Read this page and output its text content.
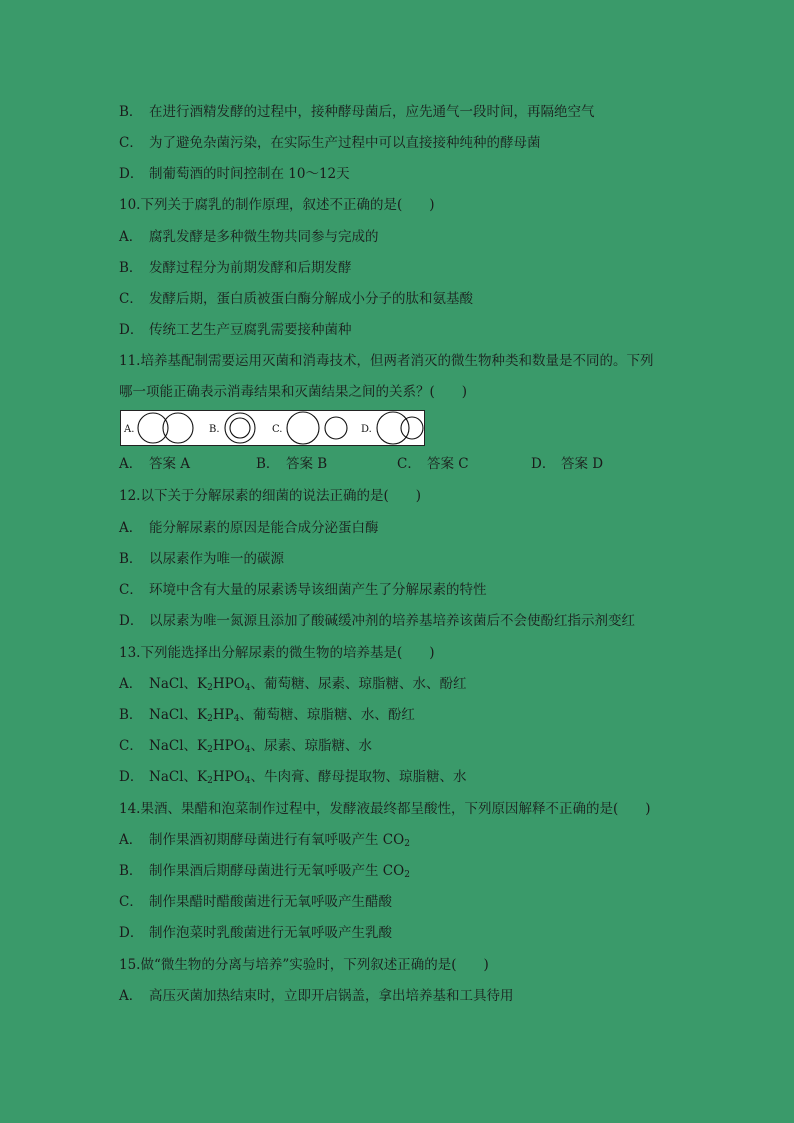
B． 在进行酒精发酵的过程中，接种酵母菌后，应先通气一段时间，再隔绝空气
C． 为了避免杂菌污染，在实际生产过程中可以直接接种纯种的酵母菌
D． 制葡萄酒的时间控制在 10～12天
10.下列关于腐乳的制作原理，叙述不正确的是(　　)
A． 腐乳发酵是多种微生物共同参与完成的
B． 发酵过程分为前期发酵和后期发酵
C． 发酵后期，蛋白质被蛋白酶分解成小分子的肽和氨基酸
D． 传统工艺生产豆腐乳需要接种菌种
11.培养基配制需要运用灭菌和消毒技术，但两者消灭的微生物种类和数量是不同的。下列
哪一项能正确表示消毒结果和灭菌结果之间的关系？(　　)
A.	B.	C.	D.
A． 答案 A	B． 答案 B	C． 答案 C	D． 答案 D
12.以下关于分解尿素的细菌的说法正确的是(　　)
A． 能分解尿素的原因是能合成分泌蛋白酶
B． 以尿素作为唯一的碳源
C． 环境中含有大量的尿素诱导该细菌产生了分解尿素的特性
D． 以尿素为唯一氮源且添加了酸碱缓冲剂的培养基培养该菌后不会使酚红指示剂变红
13.下列能选择出分解尿素的微生物的培养基是(　　)
A． NaCl、$K_2HPO_4$、葡萄糖、尿素、琼脂糖、水、酚红
B． NaCl、$K_2HP_4$、葡萄糖、琼脂糖、水、酚红
C． NaCl、$K_2HPO_4$、尿素、琼脂糖、水
D． NaCl、$K_2HPO_4$、牛肉膏、酵母提取物、琼脂糖、水
14.果酒、果醋和泡菜制作过程中，发酵液最终都呈酸性，下列原因解释不正确的是(　　)
A． 制作果酒初期酵母菌进行有氧呼吸产生 $CO_2$
B． 制作果酒后期酵母菌进行无氧呼吸产生 $CO_2$
C． 制作果醋时醋酸菌进行无氧呼吸产生醋酸
D． 制作泡菜时乳酸菌进行无氧呼吸产生乳酸
15.做“微生物的分离与培养”实验时，下列叙述正确的是(　　)
A． 高压灭菌加热结束时，立即开启锅盖，拿出培养基和工具待用
